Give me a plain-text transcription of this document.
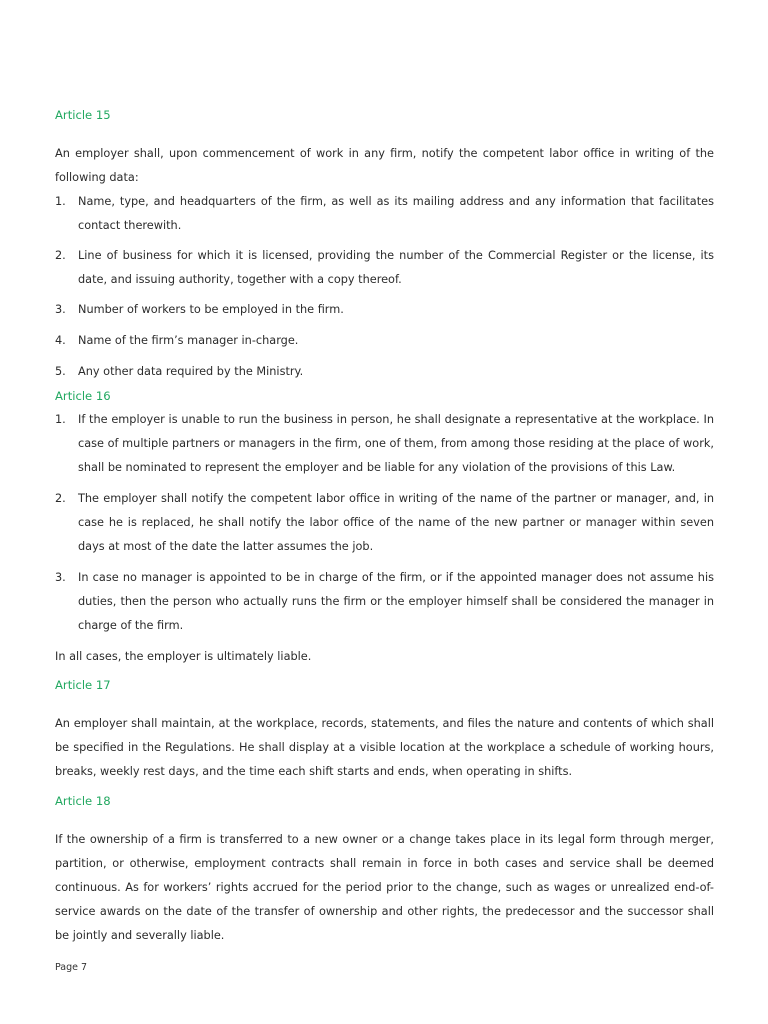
Article 15
An employer shall, upon commencement of work in any firm, notify the competent labor office in writing of the following data:
1.	Name, type, and headquarters of the firm, as well as its mailing address and any information that facilitates contact therewith.
2.	Line of business for which it is licensed, providing the number of the Commercial Register or the license, its date, and issuing authority, together with a copy thereof.
3.	Number of workers to be employed in the firm.
4.	Name of the firm’s manager in-charge.
5.	Any other data required by the Ministry.
Article 16
1.	If the employer is unable to run the business in person, he shall designate a representative at the workplace. In case of multiple partners or managers in the firm, one of them, from among those residing at the place of work, shall be nominated to represent the employer and be liable for any violation of the provisions of this Law.
2.	The employer shall notify the competent labor office in writing of the name of the partner or manager, and, in case he is replaced, he shall notify the labor office of the name of the new partner or manager within seven days at most of the date the latter assumes the job.
3.	In case no manager is appointed to be in charge of the firm, or if the appointed manager does not assume his duties, then the person who actually runs the firm or the employer himself shall be considered the manager in charge of the firm.
In all cases, the employer is ultimately liable.
Article 17
An employer shall maintain, at the workplace, records, statements, and files the nature and contents of which shall be specified in the Regulations. He shall display at a visible location at the workplace a schedule of working hours, breaks, weekly rest days, and the time each shift starts and ends, when operating in shifts.
Article 18
If the ownership of a firm is transferred to a new owner or a change takes place in its legal form through merger, partition, or otherwise, employment contracts shall remain in force in both cases and service shall be deemed continuous. As for workers’ rights accrued for the period prior to the change, such as wages or unrealized end-of-service awards on the date of the transfer of ownership and other rights, the predecessor and the successor shall be jointly and severally liable.
Page 7
